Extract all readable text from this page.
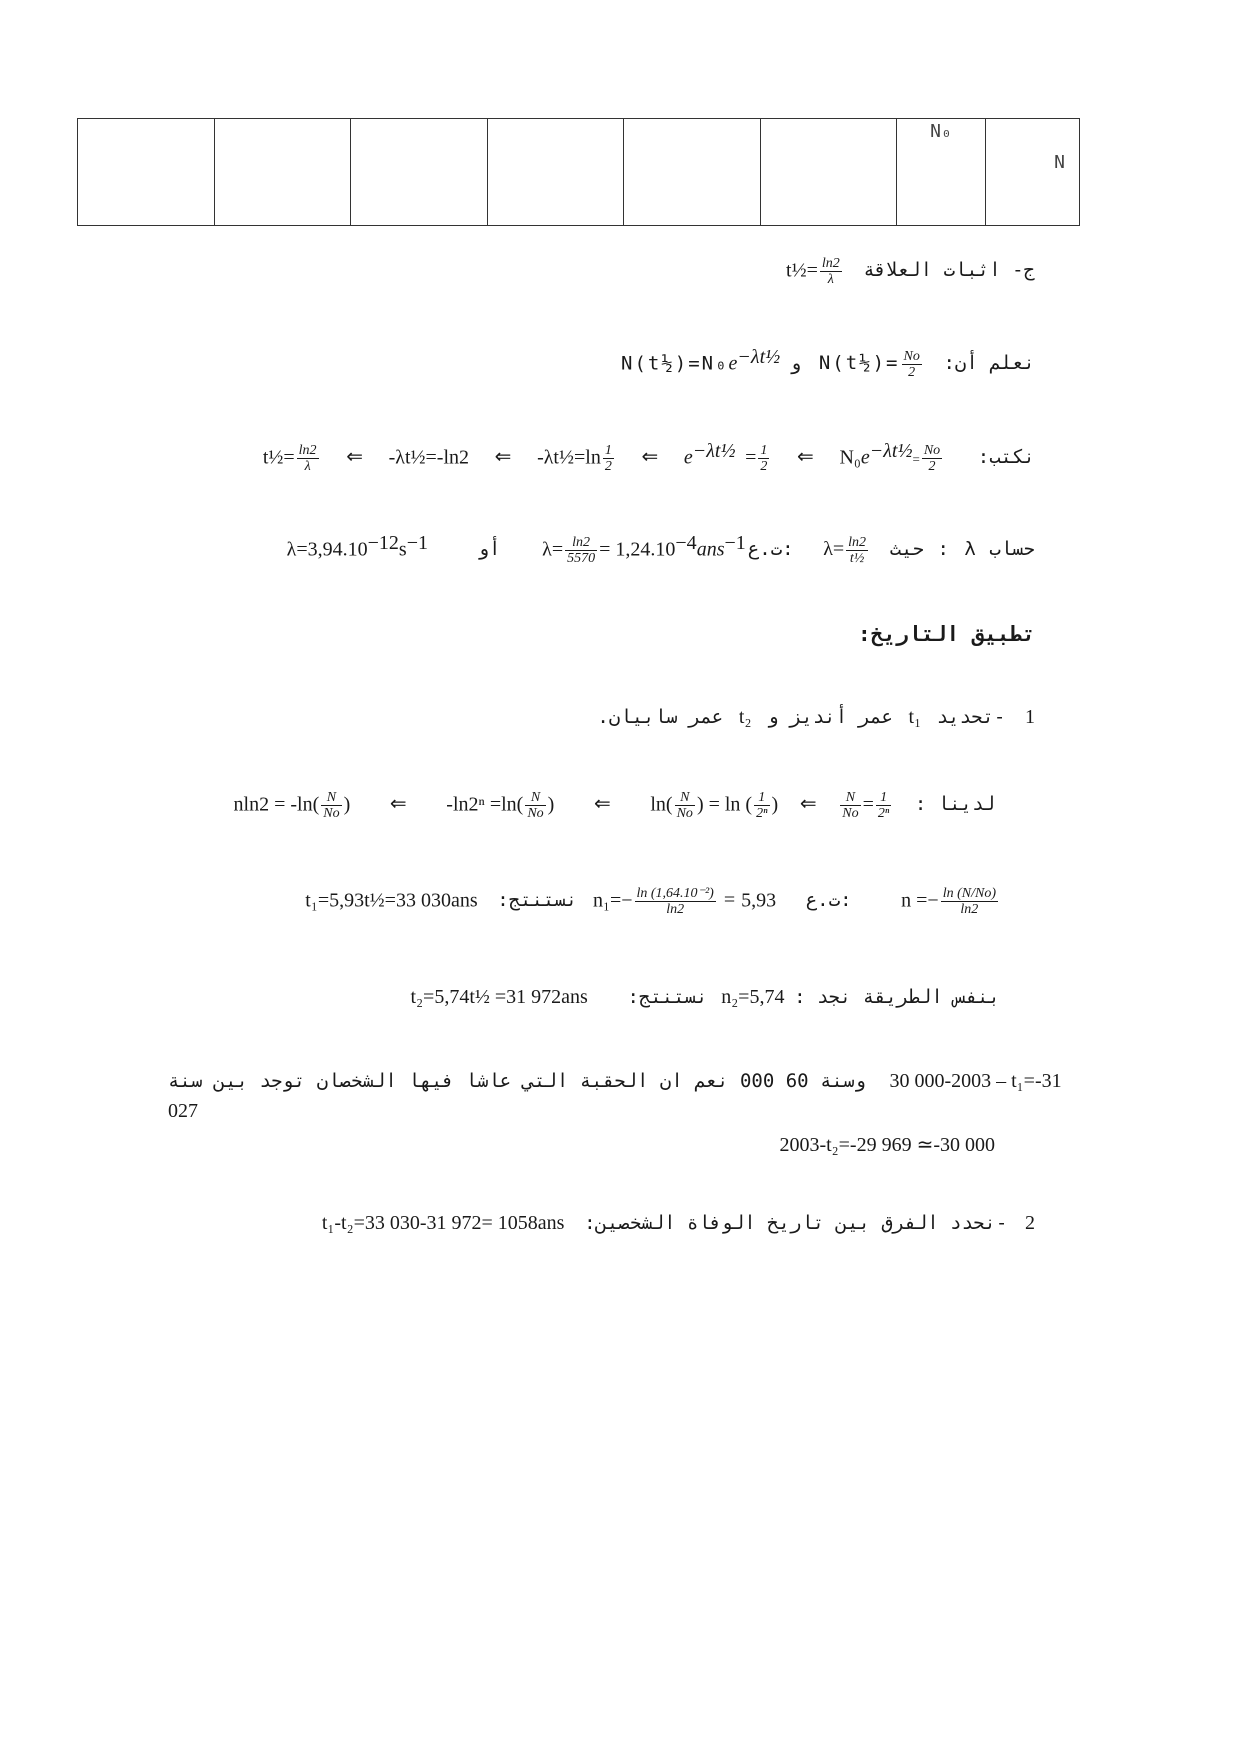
						N₀	N
t½= $\frac{\ln 2}{\lambda}$ ج- اثبات العلاقة
$N(t\frac{1}{2})=N_0e^{-\lambda t\frac{1}{2}}$ و N(t½)= $\frac{No}{2}$ نعلم أن:
t½= $\frac{\ln 2}{\lambda}$ ⇐ -λt½=-ln2 ⇐ -λt½=ln $\frac{1}{2}$ ⇐ $e^{-\lambda t\frac{1}{2}} = \frac{1}{2}$ ⇐ $N_0e^{-\lambda t\frac{1}{2}}= \frac{No}{2}$ نكتب:
$\lambda=3,94.10^{-12}s^{-1}$	أو $\lambda= \frac{\ln 2}{5570} = 1,24.10^{-4}ans^{-1}$ ت.ع: $\lambda= \frac{\ln 2}{\text{t½}}$ حساب λ : حيث
تطبيق التاريخ:
عمر سابيان. t₂ عمر أنديز و t₁ -تحديد 1
$nln2 = -\ln( \frac{N}{No}$ ) ⇐ $-\ln 2^n =\ln( \frac{N}{No}$ ) ⇐ $\ln( \frac{N}{No}$ ) = ln ( $\frac{1}{\text{2ⁿ}}$ ) ⇐ $\frac{N}{No} = \frac{1}{\text{2ⁿ}}$ لدينا :
t₁=5,93t½=33 030ans نستنتج: $n_1=- \frac{\text{ln (1,64.10⁻²)}}{\ln 2} = 5,93$ ت.ع: $n =- \frac{\ln (N/No)}{\ln 2}$
t₂=5,74t½ =31 972ans نستنتج: n₂=5,74 بنفس الطريقة نجد :
وسنة 60 000 نعم ان الحقبة التي عاشا فيها الشخصان توجد بين سنة 30 000-2003 – t₁=-31
027
2003-t₂=-29 969 ≃-30 000
t₁-t₂=33 030-31 972= 1058ans -نحدد الفرق بين تاريخ الوفاة الشخصين: 2
